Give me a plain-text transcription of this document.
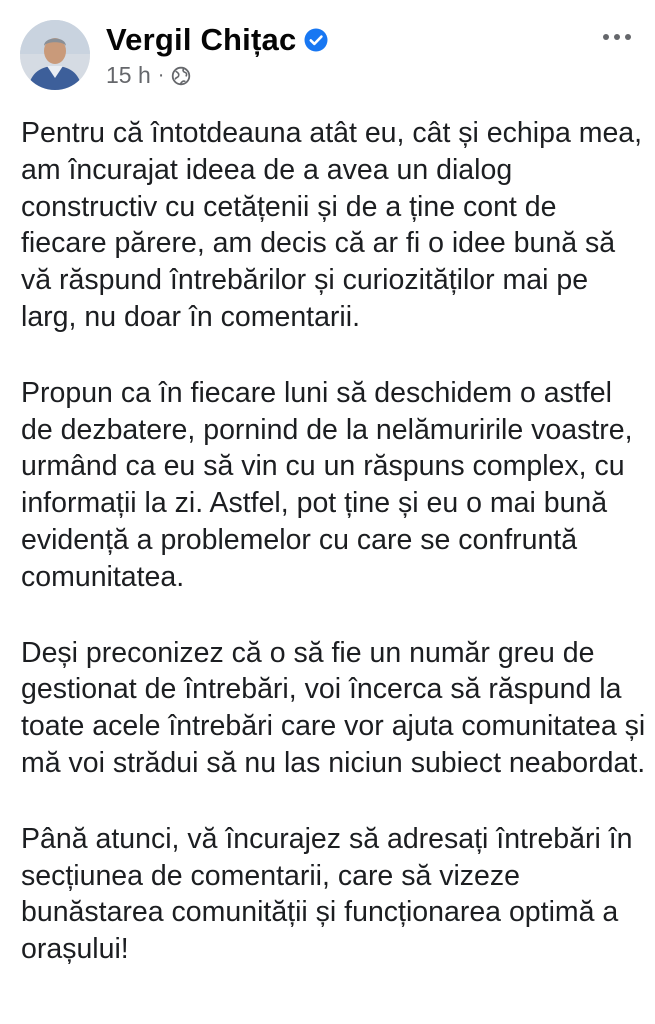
Vergil Chițac
15 h ·

Pentru că întotdeauna atât eu, cât și echipa mea, am încurajat ideea de a avea un dialog constructiv cu cetățenii și de a ține cont de fiecare părere, am decis că ar fi o idee bună să vă răspund întrebărilor și curiozităților mai pe larg, nu doar în comentarii.

Propun ca în fiecare luni să deschidem o astfel de dezbatere, pornind de la nelămuririle voastre, urmând ca eu să vin cu un răspuns complex, cu informații la zi. Astfel, pot ține și eu o mai bună evidență a problemelor cu care se confruntă comunitatea.

Deși preconizez că o să fie un număr greu de gestionat de întrebări, voi încerca să răspund la toate acele întrebări care vor ajuta comunitatea și mă voi strădui să nu las niciun subiect neabordat.

Până atunci, vă încurajez să adresați întrebări în secțiunea de comentarii, care să vizeze bunăstarea comunității și funcționarea optimă a orașului!
